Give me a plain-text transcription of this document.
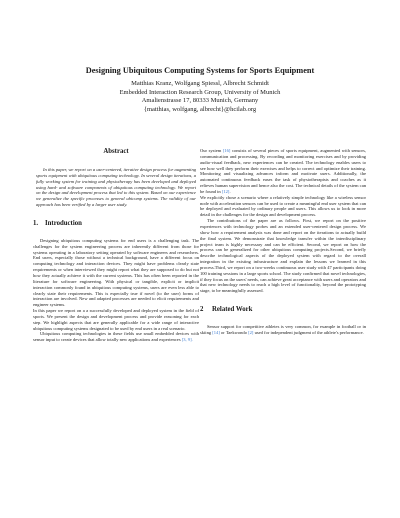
Designing Ubiquitous Computing Systems for Sports Equipment
Matthias Kranz, Wolfgang Spiessl, Albrecht Schmidt
Embedded Interaction Research Group, University of Munich
Amalienstrasse 17, 80333 Munich, Germany
{matthias, wolfgang, albrecht}@hcilab.org
Abstract

In this paper, we report on a user-centered, iterative design process for augmenting sports equipment with ubiquitous computing technology. In several design iterations, a fully working system for training and physiotherapy has been developed and deployed using hard- and software components of ubiquitous computing technology. We report on the design and development process that led to this system. Based on our experience we generalize the specific processes to general ubicomp systems. The validity of our approach has been verified by a larger user study.

1. Introduction

Designing ubiquitous computing systems for end users is a challenging task. The challenges for the system engineering process are inherently different from those for systems operating in a laboratory setting operated by software engineers and researchers. End users, especially those without a technical background, have a different focus on computing technology and interaction devices. They might have problems clearly state requirements or when interviewed they might report what they are supposed to do but not how they actually achieve it with the current systems. This has often been reported in the literature for software engineering. With physical or tangible, explicit or implicit interaction commonly found in ubiquitous computing systems, users are even less able to clearly state their requirements. This is especially true if novel (to the user) forms of interaction are involved. New and adapted processes are needed to elicit requirements and engineer systems.

In this paper we report on a a successfully developed and deployed system in the field of sports. We present the design and development process and provide reasoning for each step. We highlight aspects that are generally applicable for a wide range of interactive ubiquitous computing systems designated to be used by end users in a real scenario.

Ubiquitous computing technologies in these fields use small embedded devices with sensor input to create devices that allow totally new applications and experiences [3, 9].

Our system [16] consists of several pieces of sports equipment, augmented with sensors, communication and processing. By recording and monitoring exercises and by providing audio-visual feedback, new experiences can be created. The technology enables users to see how well they perform their exercises and helps to correct and optimize their training. Monitoring and visualizing advances inform and motivate users. Additionally, the automated continuous feedback eases the task of physiotherapists and coaches as it relieves human supervision and hence also the cost. The technical details of the system can be found in [12].

We explicitly chose a scenario where a relatively simple technology like a wireless sensor node with acceleration sensors can be used to create a meaningful end user system that can be deployed and evaluated by ordinary people and users. This allows us to look in more detail in the challenges for the design and development process.

The contributions of the paper are as follows. First, we report on the positive experiences with technology probes and an extended user-centered design process. We show how a requirement analysis was done and report on the iterations to actually build the final system. We demonstrate that knowledge transfer within the interdisciplinary project team is highly necessary and can be efficient. Second, we report on how the process can be generalized for other ubiquitous computing projects.Second, we briefly describe technological aspects of the deployed system with regard to the overall integration in the existing infrastructure and explain the lessons we learned in this process.Third, we report on a two-weeks continuous user study with 47 participants doing 100 training sessions in a large sports school. The study confirmed that novel technologies, if they focus on the users' needs, can achieve great acceptance with users and operators and that new technology needs to reach a high level of functionality, beyond the prototyping stage, to be meaningfully assessed.

2 Related Work

Sensor support for competitive athletes is very common, for example in football or in skiing [14] or Taekwondo [2] used for independent judgment of the athlete's performance.
